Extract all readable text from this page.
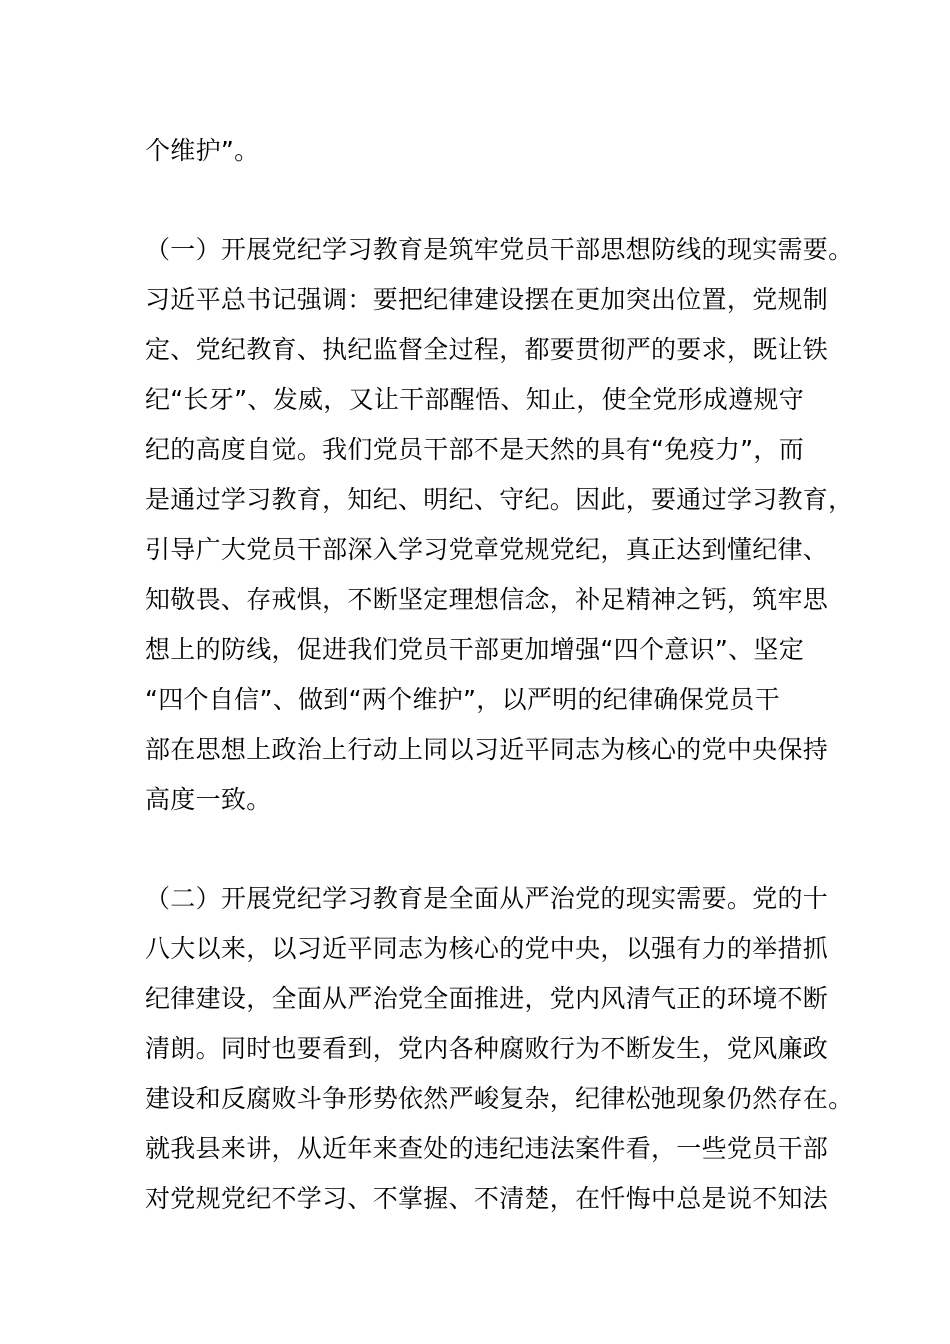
个维护”。
（一）开展党纪学习教育是筑牢党员干部思想防线的现实需要。
习近平总书记强调：要把纪律建设摆在更加突出位置，党规制
定、党纪教育、执纪监督全过程，都要贯彻严的要求，既让铁
纪“长牙”、发威，又让干部醒悟、知止，使全党形成遵规守
纪的高度自觉。我们党员干部不是天然的具有“免疫力”，而
是通过学习教育，知纪、明纪、守纪。因此，要通过学习教育，
引导广大党员干部深入学习党章党规党纪，真正达到懂纪律、
知敬畏、存戒惧，不断坚定理想信念，补足精神之钙，筑牢思
想上的防线，促进我们党员干部更加增强“四个意识”、坚定
“四个自信”、做到“两个维护”，以严明的纪律确保党员干
部在思想上政治上行动上同以习近平同志为核心的党中央保持
高度一致。
（二）开展党纪学习教育是全面从严治党的现实需要。党的十
八大以来，以习近平同志为核心的党中央，以强有力的举措抓
纪律建设，全面从严治党全面推进，党内风清气正的环境不断
清朗。同时也要看到，党内各种腐败行为不断发生，党风廉政
建设和反腐败斗争形势依然严峻复杂，纪律松弛现象仍然存在。
就我县来讲，从近年来查处的违纪违法案件看，一些党员干部
对党规党纪不学习、不掌握、不清楚，在忏悔中总是说不知法
